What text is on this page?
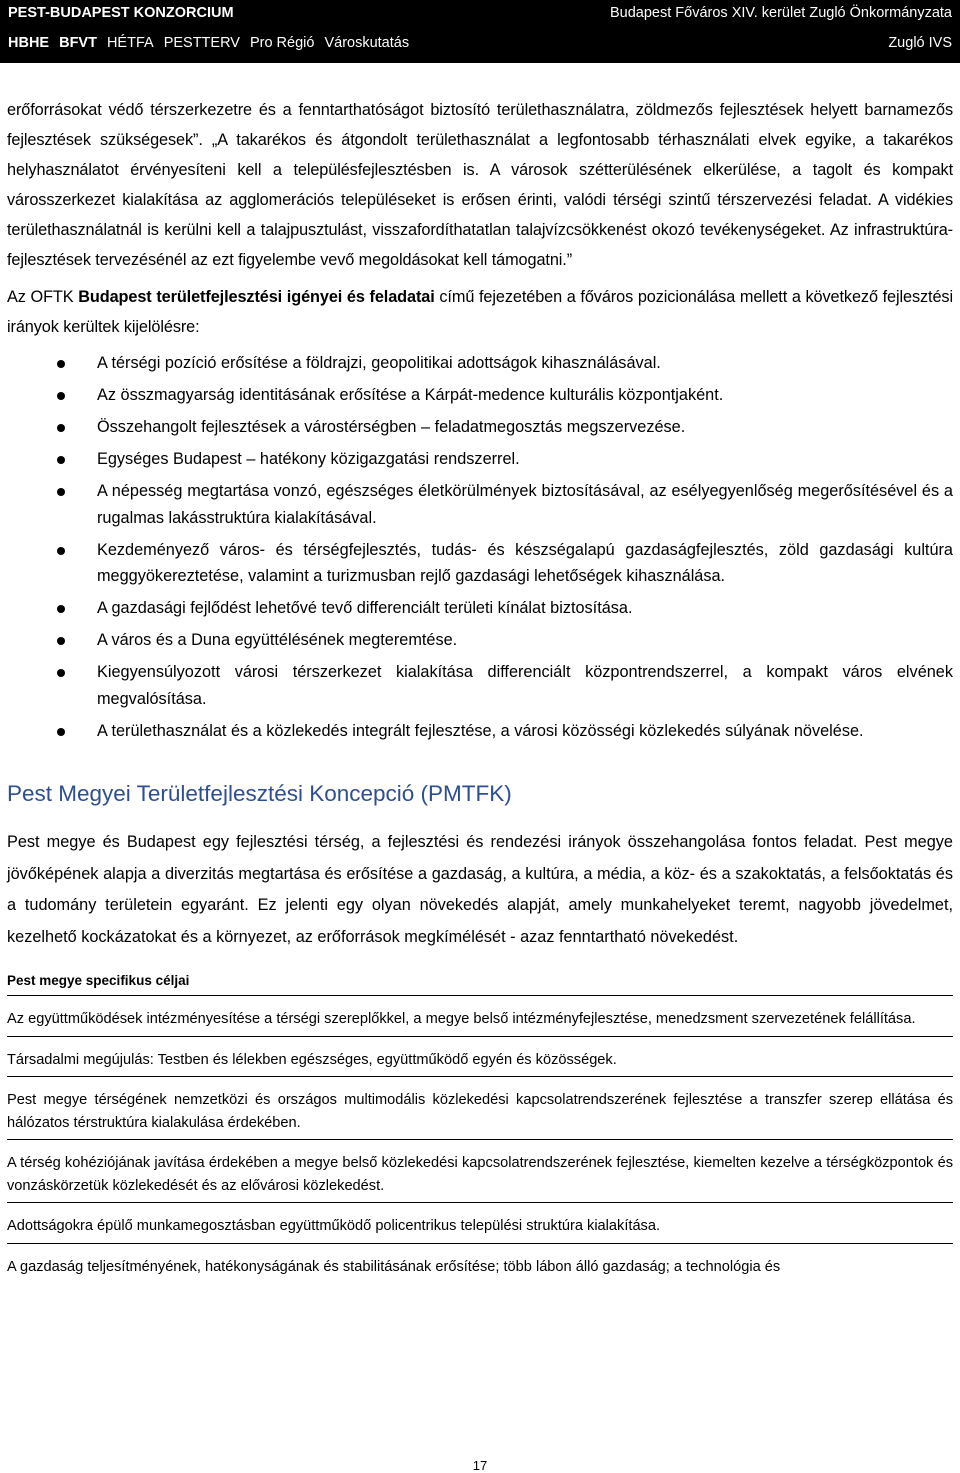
PEST-BUDAPEST KONZORCIUM	Budapest Főváros XIV. kerület Zugló Önkormányzata
HBHE BFVT HÉTFA PESTTERV Pro Régió Városkutatás	Zugló IVS

erőforrásokat védő térszerkezetre és a fenntarthatóságot biztosító területhasználatra, zöldmezős fejlesztések helyett barnamezős fejlesztések szükségesek”. „A takarékos és átgondolt területhasználat a legfontosabb térhasználati elvek egyike, a takarékos helyhasználatot érvényesíteni kell a településfejlesztésben is. A városok szétterülésének elkerülése, a tagolt és kompakt városszerkezet kialakítása az agglomerációs településeket is erősen érinti, valódi térségi szintű térszervezési feladat. A vidékies területhasználatnál is kerülni kell a talajpusztulást, visszafordíthatatlan talajvízcsökkenést okozó tevékenységeket. Az infrastruktúra-fejlesztések tervezésénél az ezt figyelembe vevő megoldásokat kell támogatni.”

Az OFTK Budapest területfejlesztési igényei és feladatai című fejezetében a főváros pozicionálása mellett a következő fejlesztési irányok kerültek kijelölésre:

A térségi pozíció erősítése a földrajzi, geopolitikai adottságok kihasználásával.
Az összmagyarság identitásának erősítése a Kárpát-medence kulturális központjaként.
Összehangolt fejlesztések a várostérségben – feladatmegosztás megszervezése.
Egységes Budapest – hatékony közigazgatási rendszerrel.
A népesség megtartása vonzó, egészséges életkörülmények biztosításával, az esélyegyenlőség megerősítésével és a rugalmas lakásstruktúra kialakításával.
Kezdeményező város- és térségfejlesztés, tudás- és készségalapú gazdaságfejlesztés, zöld gazdasági kultúra meggyökereztetése, valamint a turizmusban rejlő gazdasági lehetőségek kihasználása.
A gazdasági fejlődést lehetővé tevő differenciált területi kínálat biztosítása.
A város és a Duna együttélésének megteremtése.
Kiegyensúlyozott városi térszerkezet kialakítása differenciált központrendszerrel, a kompakt város elvének megvalósítása.
A területhasználat és a közlekedés integrált fejlesztése, a városi közösségi közlekedés súlyának növelése.
Pest Megyei Területfejlesztési Koncepció (PMTFK)

Pest megye és Budapest egy fejlesztési térség, a fejlesztési és rendezési irányok összehangolása fontos feladat. Pest megye jövőképének alapja a diverzitás megtartása és erősítése a gazdaság, a kultúra, a média, a köz- és a szakoktatás, a felsőoktatás és a tudomány területein egyaránt. Ez jelenti egy olyan növekedés alapját, amely munkahelyeket teremt, nagyobb jövedelmet, kezelhető kockázatokat és a környezet, az erőforrások megkímélését - azaz fenntartható növekedést.

Pest megye specifikus céljai
Az együttműködések intézményesítése a térségi szereplőkkel, a megye belső intézményfejlesztése, menedzsment szervezetének felállítása.
Társadalmi megújulás: Testben és lélekben egészséges, együttműködő egyén és közösségek.
Pest megye térségének nemzetközi és országos multimodális közlekedési kapcsolatrendszerének fejlesztése a transzfer szerep ellátása és hálózatos térstruktúra kialakulása érdekében.
A térség kohéziójának javítása érdekében a megye belső közlekedési kapcsolatrendszerének fejlesztése, kiemelten kezelve a térségközpontok és vonzáskörzetük közlekedését és az elővárosi közlekedést.
Adottságokra épülő munkamegosztásban együttműködő policentrikus települési struktúra kialakítása.
A gazdaság teljesítményének, hatékonyságának és stabilitásának erősítése; több lábon álló gazdaság; a technológia és
17
